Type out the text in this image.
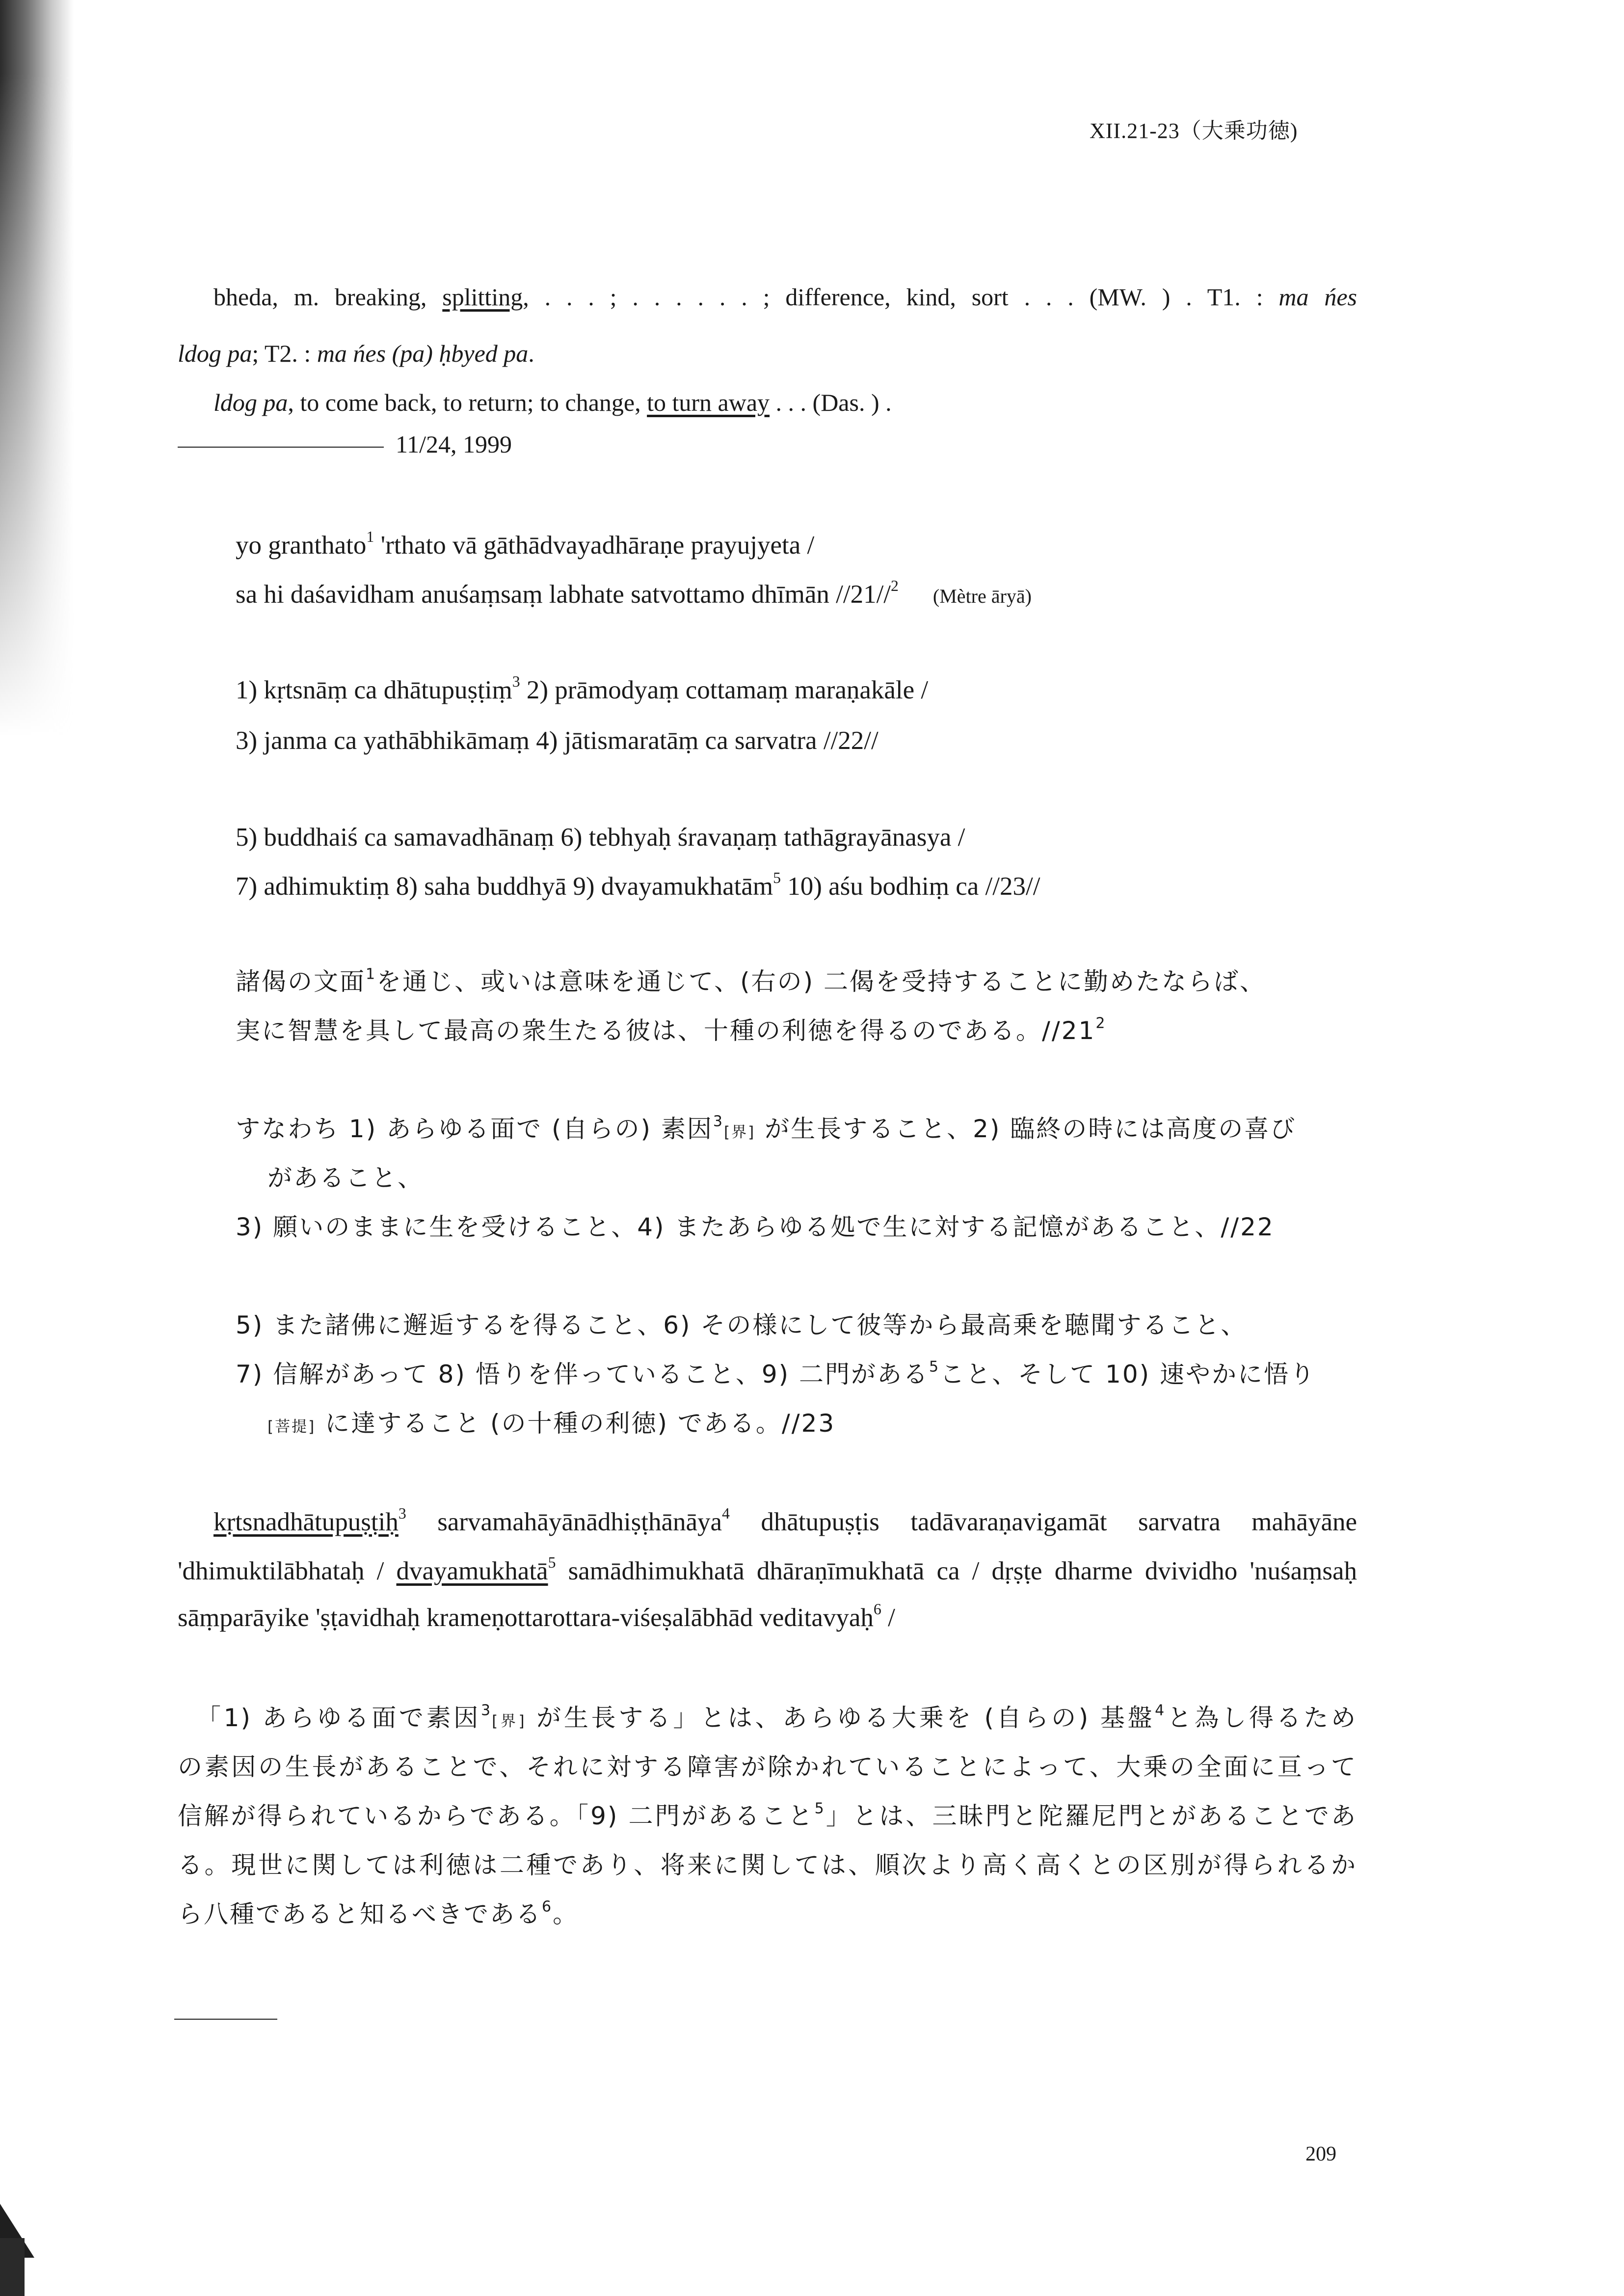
XII.21-23（大乗功徳)
bheda, m. breaking, splitting, . . . ; . . . . . . ; difference, kind, sort . . . (MW. ) . T1. : ma ńes
ldog pa; T2. : ma ńes (pa) ḥbyed pa.
ldog pa, to come back, to return; to change, to turn away . . . (Das. ) .
11/24, 1999
yo granthato$^1$ 'rthato vā gāthādvayadhāraṇe prayujyeta /
sa hi daśavidham anuśaṃsaṃ labhate satvottamo dhīmān //21//$^2$ (Mètre āryā)
1) kṛtsnāṃ ca dhātupuṣṭiṃ$^3$ 2) prāmodyaṃ cottamaṃ maraṇakāle /
3) janma ca yathābhikāmaṃ 4) jātismaratāṃ ca sarvatra //22//
5) buddhaiś ca samavadhānaṃ 6) tebhyaḥ śravaṇaṃ tathāgrayānasya /
7) adhimuktiṃ 8) saha buddhyā 9) dvayamukhatām$^5$ 10) aśu bodhiṃ ca //23//
諸偈の文面$^1$を通じ、或いは意味を通じて、(右の) 二偈を受持することに勤めたならば、
実に智慧を具して最高の衆生たる彼は、十種の利徳を得るのである。$//21^2$
すなわち 1) あらゆる面で (自らの) 素因$^3$[界] が生長すること、2) 臨終の時には高度の喜び
があること、
3) 願いのままに生を受けること、4) またあらゆる処で生に対する記憶があること、//22
5) また諸佛に邂逅するを得ること、6) その様にして彼等から最高乗を聴聞すること、
7) 信解があって 8) 悟りを伴っていること、9) 二門がある$^5$こと、そして 10) 速やかに悟り
[菩提] に達すること (の十種の利徳) である。//23
kṛtsnadhātupuṣṭiḥ$^3$ sarvamahāyānādhiṣṭhānāya$^4$ dhātupuṣṭis tadāvaraṇavigamāt sarvatra mahāyāne
'dhimuktilābhataḥ / dvayamukhatā$^5$ samādhimukhatā dhāraṇīmukhatā ca / dṛṣṭe dharme dvividho 'nuśaṃsaḥ
sāṃparāyike 'ṣṭavidhaḥ krameṇottarottara-viśeṣalābhād veditavyaḥ$^6$ /
「1) あらゆる面で素因$^3$[界] が生長する」とは、あらゆる大乗を (自らの) 基盤$^4$と為し得るため
の素因の生長があることで、それに対する障害が除かれていることによって、大乗の全面に亘って
信解が得られているからである。「9) 二門があること$^5$」とは、三昧門と陀羅尼門とがあることであ
る。現世に関しては利徳は二種であり、将来に関しては、順次より高く高くとの区別が得られるか
ら八種であると知るべきである$^6$。
209
